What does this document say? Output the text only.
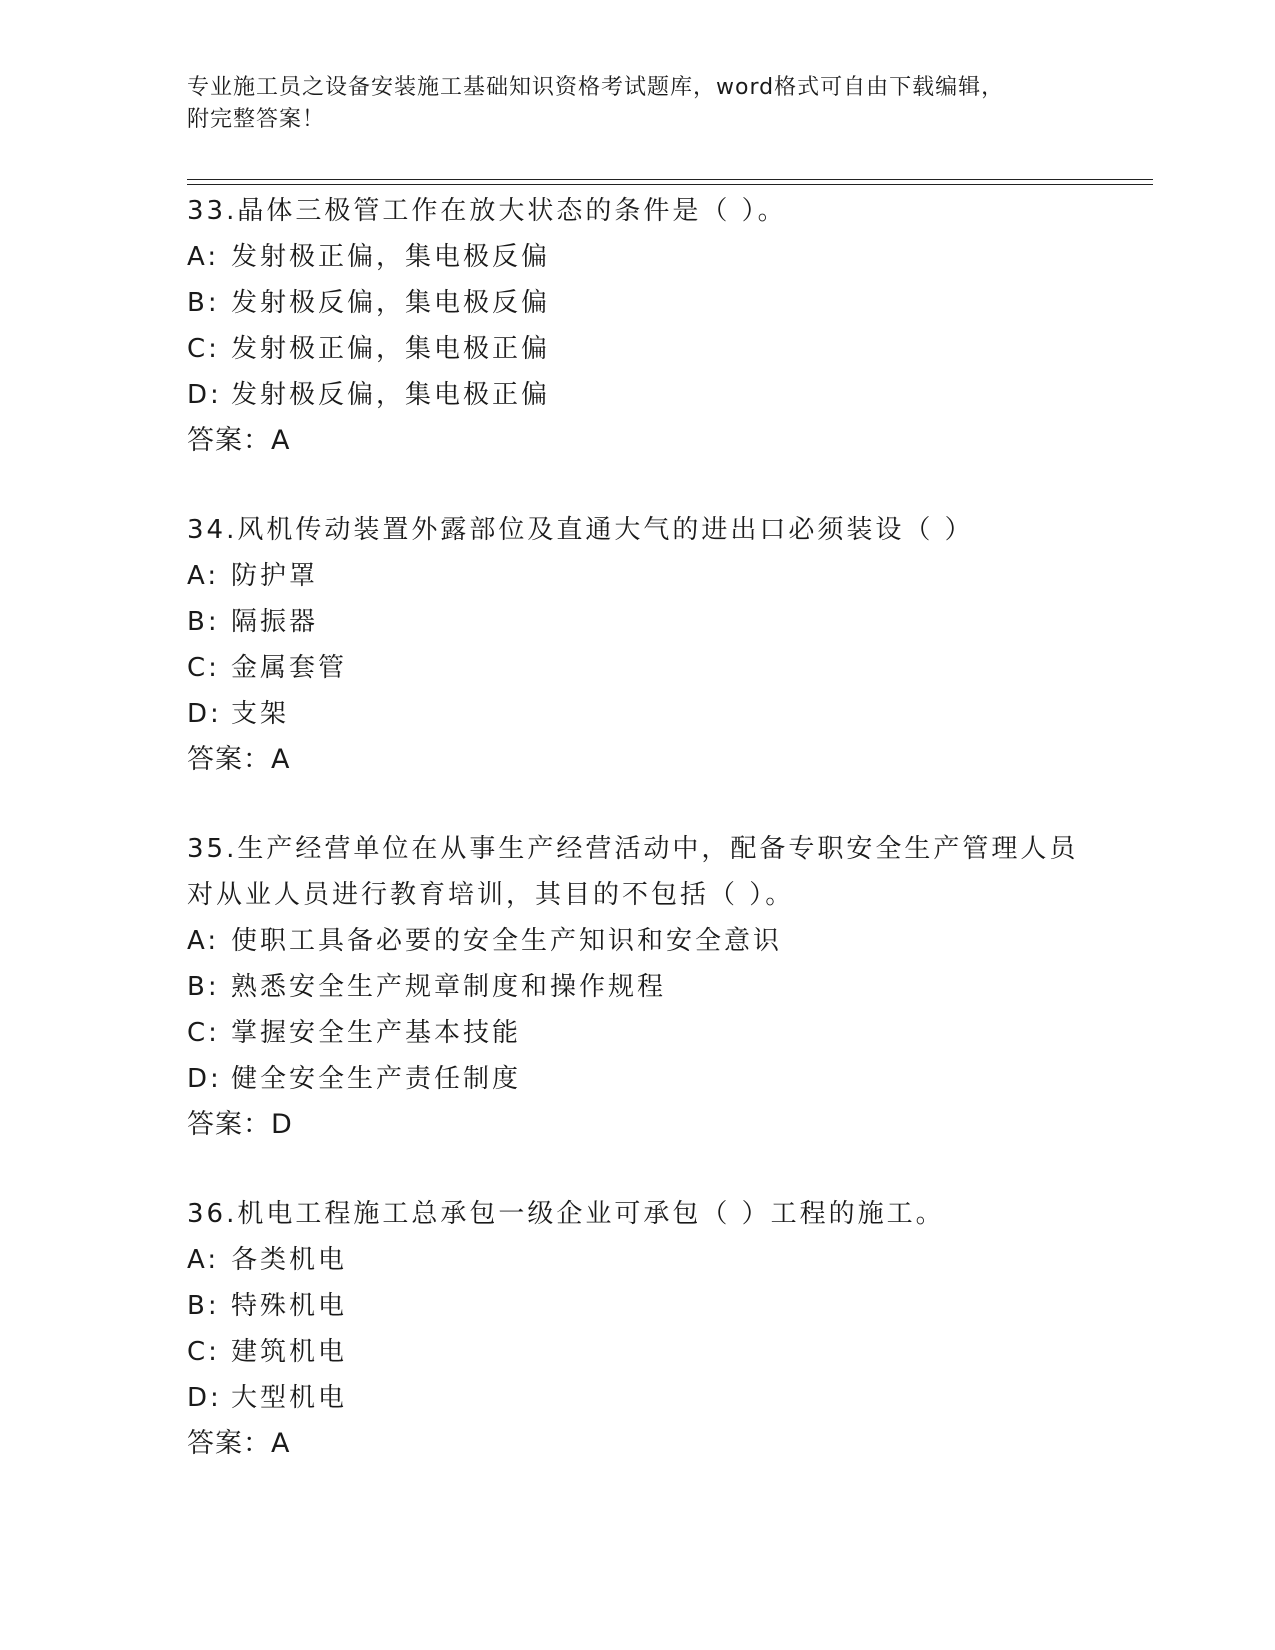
专业施工员之设备安装施工基础知识资格考试题库，word格式可自由下载编辑，
附完整答案！
33.晶体三极管工作在放大状态的条件是（ ）。
A: 发射极正偏，集电极反偏
B: 发射极反偏，集电极反偏
C: 发射极正偏，集电极正偏
D: 发射极反偏，集电极正偏
答案：A
34.风机传动装置外露部位及直通大气的进出口必须装设（ ）
A: 防护罩
B: 隔振器
C: 金属套管
D: 支架
答案：A
35.生产经营单位在从事生产经营活动中，配备专职安全生产管理人员
对从业人员进行教育培训，其目的不包括（ ）。
A: 使职工具备必要的安全生产知识和安全意识
B: 熟悉安全生产规章制度和操作规程
C: 掌握安全生产基本技能
D: 健全安全生产责任制度
答案：D
36.机电工程施工总承包一级企业可承包（ ）工程的施工。
A: 各类机电
B: 特殊机电
C: 建筑机电
D: 大型机电
答案：A
